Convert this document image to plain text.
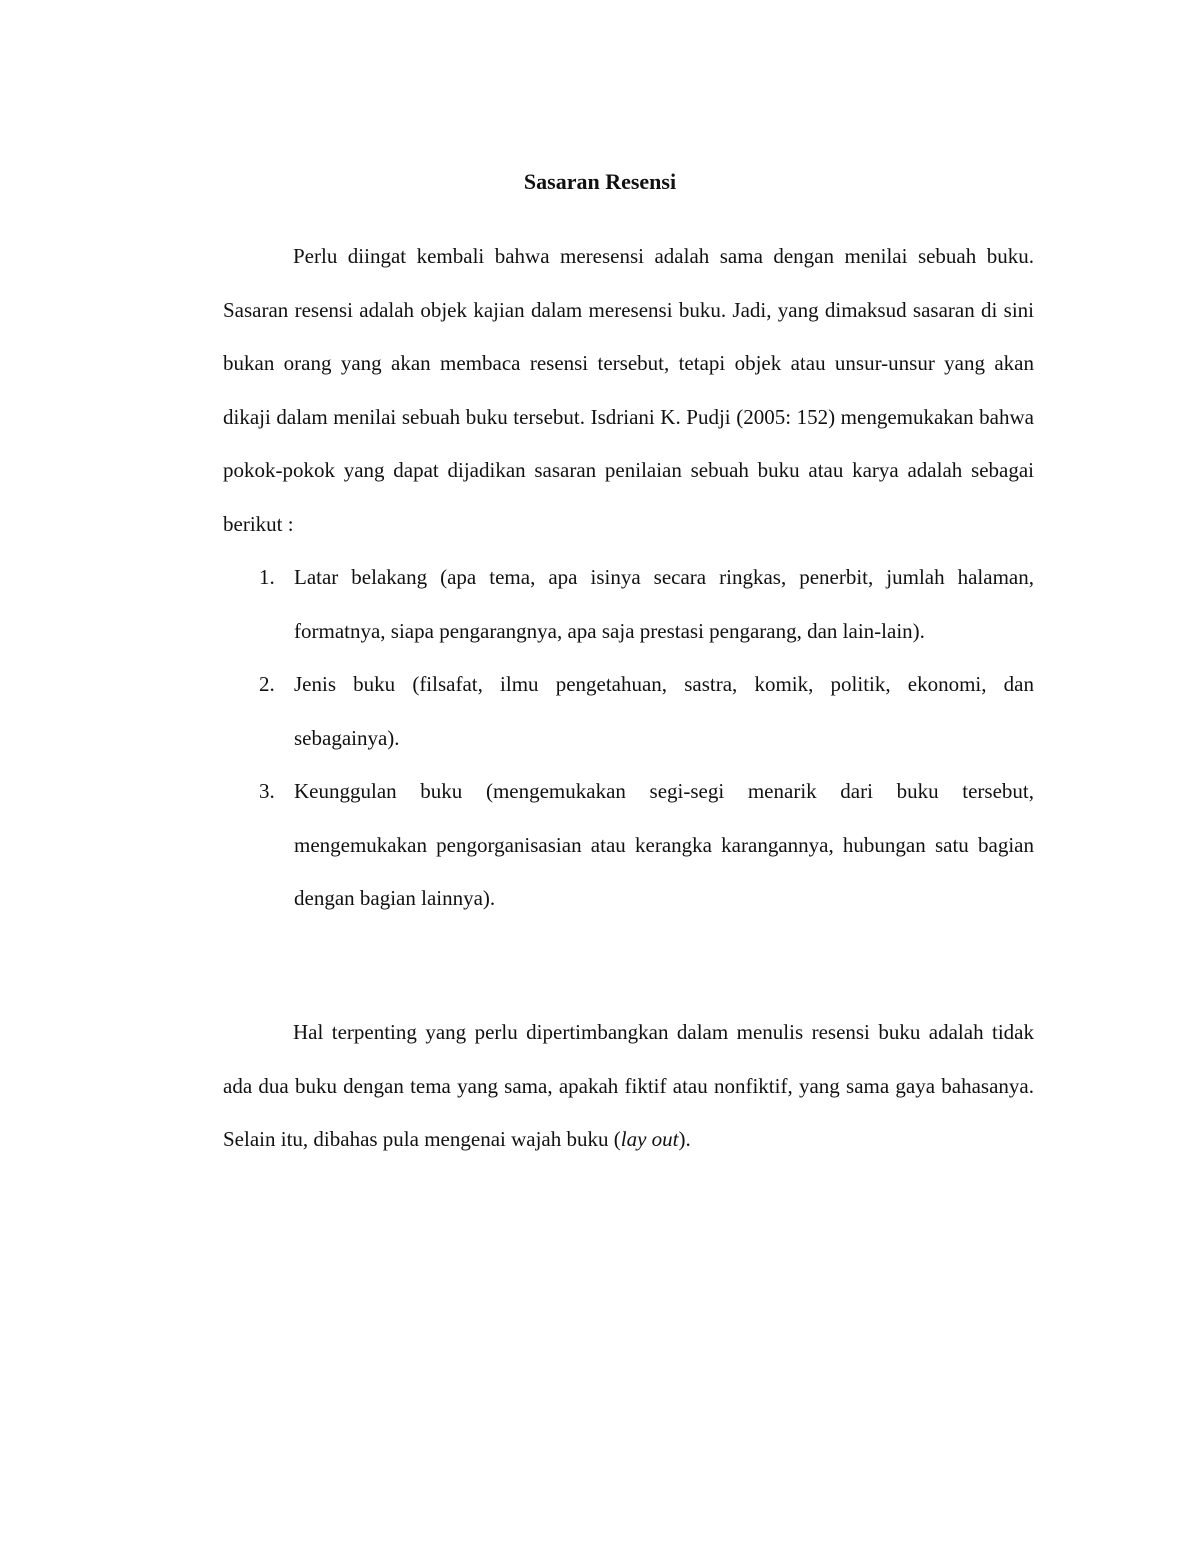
Sasaran Resensi

Perlu diingat kembali bahwa meresensi adalah sama dengan menilai sebuah buku. Sasaran resensi adalah objek kajian dalam meresensi buku. Jadi, yang dimaksud sasaran di sini bukan orang yang akan membaca resensi tersebut, tetapi objek atau unsur-unsur yang akan dikaji dalam menilai sebuah buku tersebut. Isdriani K. Pudji (2005: 152) mengemukakan bahwa pokok-pokok yang dapat dijadikan sasaran penilaian sebuah buku atau karya adalah sebagai berikut :

1. Latar belakang (apa tema, apa isinya secara ringkas, penerbit, jumlah halaman, formatnya, siapa pengarangnya, apa saja prestasi pengarang, dan lain-lain).
2. Jenis buku (filsafat, ilmu pengetahuan, sastra, komik, politik, ekonomi, dan sebagainya).
3. Keunggulan buku (mengemukakan segi-segi menarik dari buku tersebut, mengemukakan pengorganisasian atau kerangka karangannya, hubungan satu bagian dengan bagian lainnya).

Hal terpenting yang perlu dipertimbangkan dalam menulis resensi buku adalah tidak ada dua buku dengan tema yang sama, apakah fiktif atau nonfiktif, yang sama gaya bahasanya. Selain itu, dibahas pula mengenai wajah buku (lay out).
